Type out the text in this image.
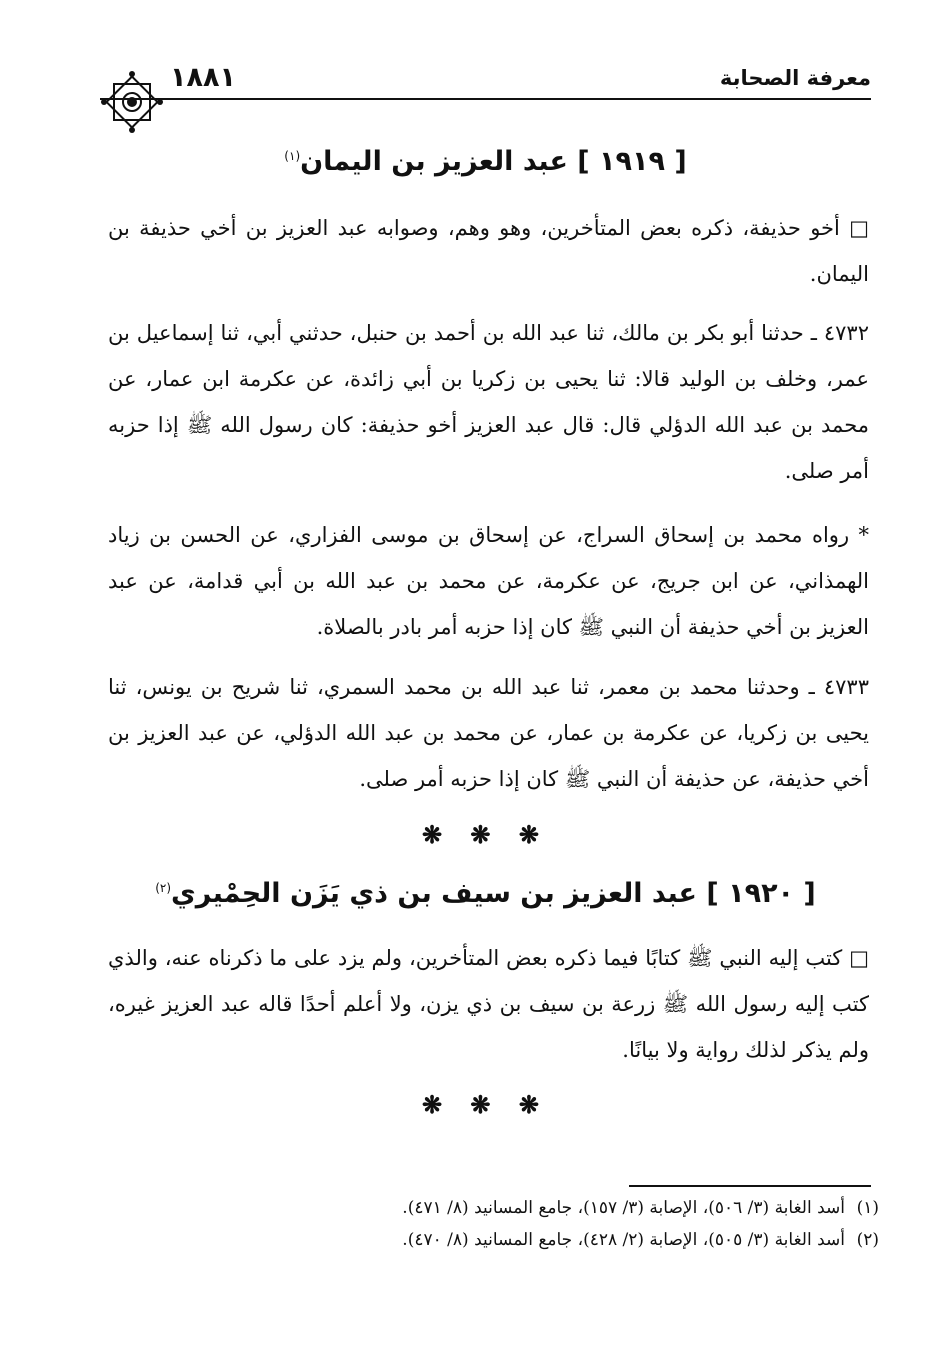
معرفة الصحابة
١٨٨١
[ ١٩١٩ ] عبد العزيز بن اليمان$^{(١)}$
□ أخو حذيفة، ذكره بعض المتأخرين، وهو وهم، وصوابه عبد العزيز بن أخي حذيفة بن اليمان.
٤٧٣٢ ـ حدثنا أبو بكر بن مالك، ثنا عبد الله بن أحمد بن حنبل، حدثني أبي، ثنا إسماعيل بن عمر، وخلف بن الوليد قالا: ثنا يحيى بن زكريا بن أبي زائدة، عن عكرمة ابن عمار، عن محمد بن عبد الله الدؤلي قال: قال عبد العزيز أخو حذيفة: كان رسول الله ﷺ إذا حزبه أمر صلى.
* رواه محمد بن إسحاق السراج، عن إسحاق بن موسى الفزاري، عن الحسن بن زياد الهمذاني، عن ابن جريج، عن عكرمة، عن محمد بن عبد الله بن أبي قدامة، عن عبد العزيز بن أخي حذيفة أن النبي ﷺ كان إذا حزبه أمر بادر بالصلاة.
٤٧٣٣ ـ وحدثنا محمد بن معمر، ثنا عبد الله بن محمد السمري، ثنا شريح بن يونس، ثنا يحيى بن زكريا، عن عكرمة بن عمار، عن محمد بن عبد الله الدؤلي، عن عبد العزيز بن أخي حذيفة، عن حذيفة أن النبي ﷺ كان إذا حزبه أمر صلى.
❋ ❋ ❋
[ ١٩٢٠ ] عبد العزيز بن سيف بن ذي يَزَن الحِمْيري$^{(٢)}$
□ كتب إليه النبي ﷺ كتابًا فيما ذكره بعض المتأخرين، ولم يزد على ما ذكرناه عنه، والذي كتب إليه رسول الله ﷺ زرعة بن سيف بن ذي يزن، ولا أعلم أحدًا قاله عبد العزيز غيره، ولم يذكر لذلك رواية ولا بيانًا.
❋ ❋ ❋
(١)أسد الغابة (٣/ ٥٠٦)، الإصابة (٣/ ١٥٧)، جامع المسانيد (٨/ ٤٧١).
(٢)أسد الغابة (٣/ ٥٠٥)، الإصابة (٢/ ٤٢٨)، جامع المسانيد (٨/ ٤٧٠).
